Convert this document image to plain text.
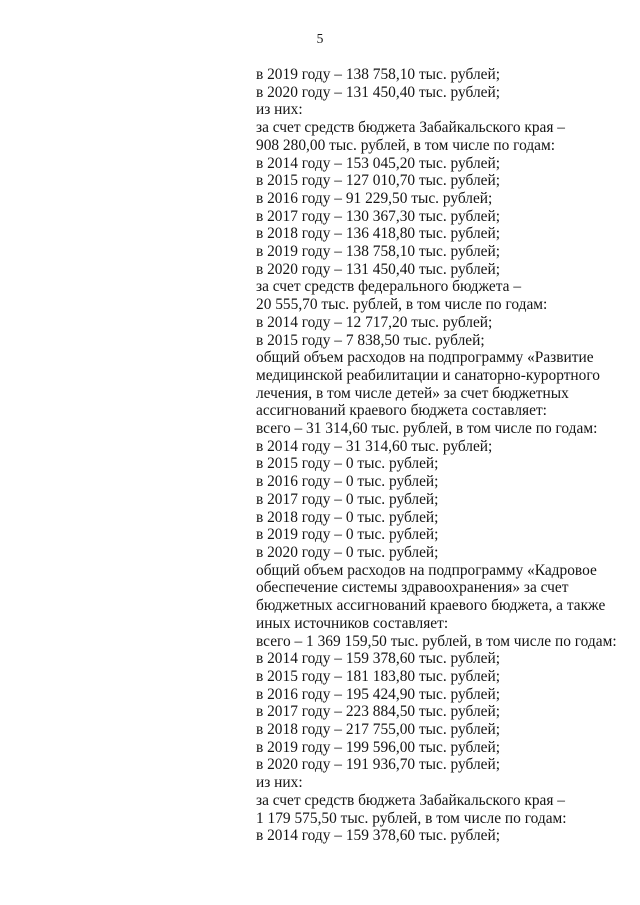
5
в 2019 году – 138 758,10 тыс. рублей;
в 2020 году – 131 450,40 тыс. рублей;
из них:
за счет средств бюджета Забайкальского края –
908 280,00 тыс. рублей, в том числе по годам:
в 2014 году – 153 045,20 тыс. рублей;
в 2015 году – 127 010,70 тыс. рублей;
в 2016 году – 91 229,50 тыс. рублей;
в 2017 году – 130 367,30 тыс. рублей;
в 2018 году – 136 418,80 тыс. рублей;
в 2019 году – 138 758,10 тыс. рублей;
в 2020 году – 131 450,40 тыс. рублей;
за счет средств федерального бюджета –
20 555,70 тыс. рублей, в том числе по годам:
в 2014 году – 12 717,20 тыс. рублей;
в 2015 году – 7 838,50 тыс. рублей;
общий объем расходов на подпрограмму «Развитие
медицинской реабилитации и санаторно-курортного
лечения, в том числе детей» за счет бюджетных
ассигнований краевого бюджета составляет:
всего – 31 314,60 тыс. рублей, в том числе по годам:
в 2014 году – 31 314,60 тыс. рублей;
в 2015 году – 0 тыс. рублей;
в 2016 году – 0 тыс. рублей;
в 2017 году – 0 тыс. рублей;
в 2018 году – 0 тыс. рублей;
в 2019 году – 0 тыс. рублей;
в 2020 году – 0 тыс. рублей;
общий объем расходов на подпрограмму «Кадровое
обеспечение системы здравоохранения» за счет
бюджетных ассигнований краевого бюджета, а также
иных источников составляет:
всего – 1 369 159,50 тыс. рублей, в том числе по годам:
в 2014 году – 159 378,60 тыс. рублей;
в 2015 году – 181 183,80 тыс. рублей;
в 2016 году – 195 424,90 тыс. рублей;
в 2017 году – 223 884,50 тыс. рублей;
в 2018 году – 217 755,00 тыс. рублей;
в 2019 году – 199 596,00 тыс. рублей;
в 2020 году – 191 936,70 тыс. рублей;
из них:
за счет средств бюджета Забайкальского края –
1 179 575,50 тыс. рублей, в том числе по годам:
в 2014 году – 159 378,60 тыс. рублей;
